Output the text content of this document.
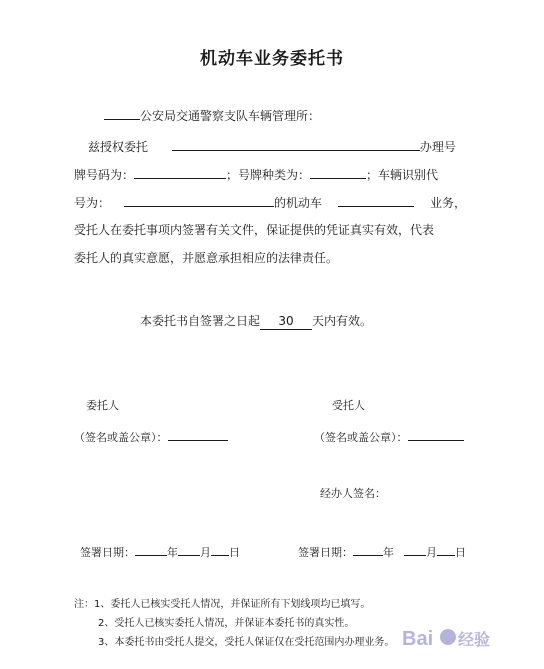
机动车业务委托书
公安局交通警察支队车辆管理所：
兹授权委托	办理号
牌号码为：	；号牌种类为：	；车辆识别代
号为：	的机动车	业务，
受托人在委托事项内签署有关文件，保证提供的凭证真实有效，代表
委托人的真实意愿，并愿意承担相应的法律责任。
本委托书自签署之日起 30 天内有效。
委托人	受托人
（签名或盖公章）：	（签名或盖公章）：
经办人签名：
签署日期：	年 月 日	签署日期：	年	月 日
注：1、委托人已核实受托人情况，并保证所有下划线项均已填写。
2、受托人已核实委托人情况，并保证本委托书的真实性。
3、本委托书由受托人提交，受托人保证仅在受托范围内办理业务。 Bai 经验
